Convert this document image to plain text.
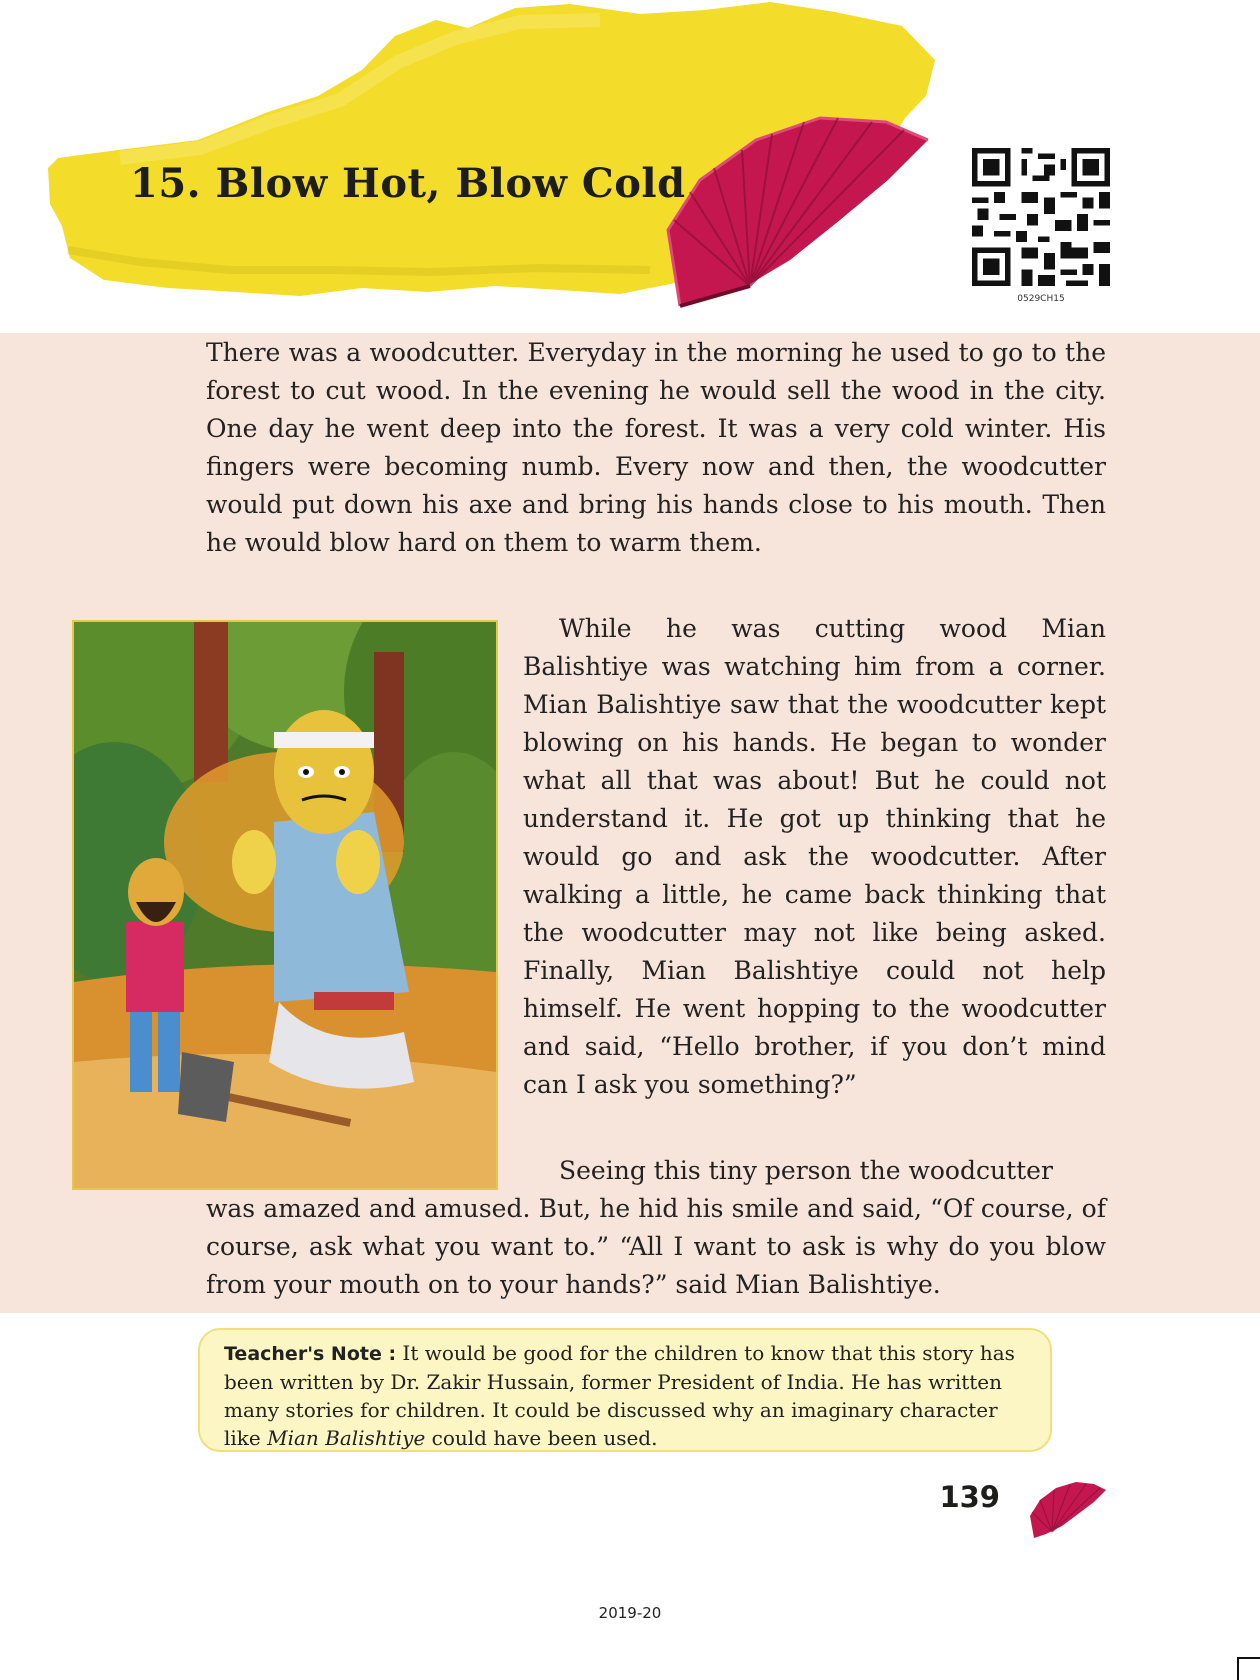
15. Blow Hot, Blow Cold
0529CH15

There was a woodcutter. Everyday in the morning he used to go to the forest to cut wood. In the evening he would sell the wood in the city. One day he went deep into the forest. It was a very cold winter. His fingers were becoming numb. Every now and then, the woodcutter would put down his axe and bring his hands close to his mouth. Then he would blow hard on them to warm them.

While he was cutting wood Mian Balishtiye was watching him from a corner. Mian Balishtiye saw that the woodcutter kept blowing on his hands. He began to wonder what all that was about! But he could not understand it. He got up thinking that he would go and ask the woodcutter. After walking a little, he came back thinking that the woodcutter may not like being asked. Finally, Mian Balishtiye could not help himself. He went hopping to the woodcutter and said, “Hello brother, if you don’t mind can I ask you something?”

Seeing this tiny person the woodcutter

was amazed and amused. But, he hid his smile and said, “Of course, of course, ask what you want to.” “All I want to ask is why do you blow from your mouth on to your hands?” said Mian Balishtiye.

Teacher's Note : It would be good for the children to know that this story has been written by Dr. Zakir Hussain, former President of India. He has written many stories for children. It could be discussed why an imaginary character like Mian Balishtiye could have been used.
139
2019-20
